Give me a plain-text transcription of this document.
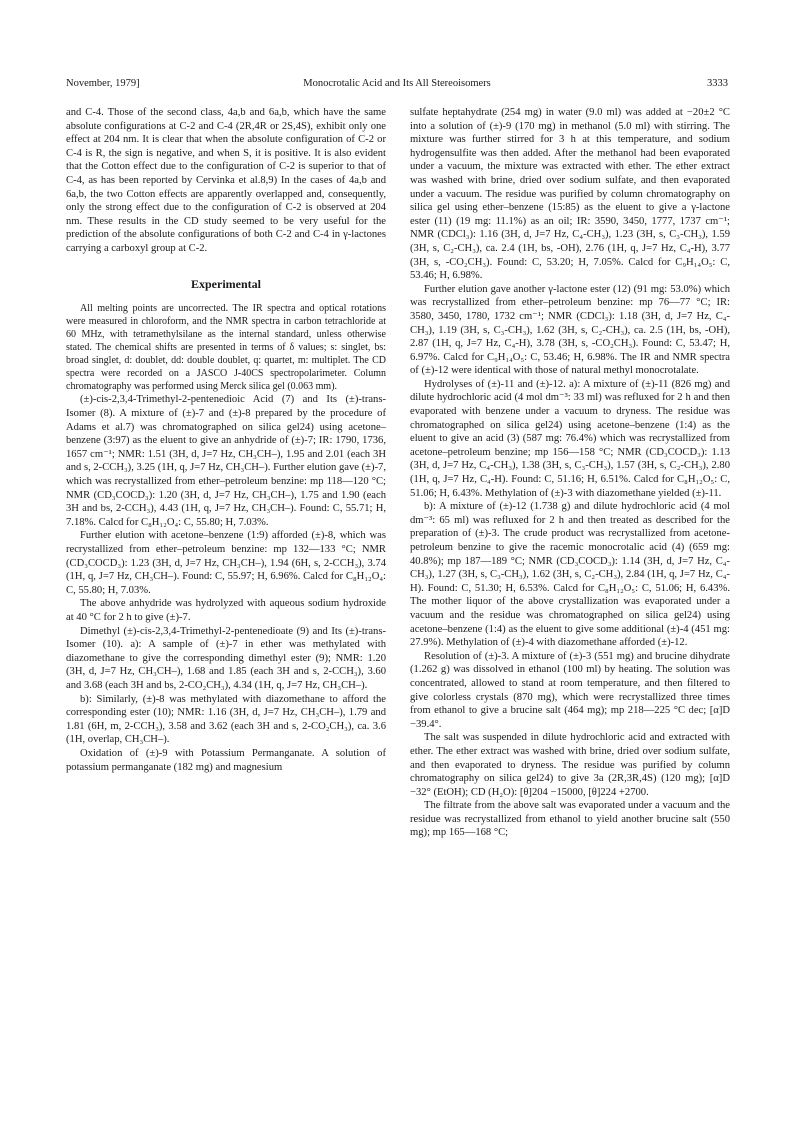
November, 1979]	Monocrotalic Acid and Its All Stereoisomers	3333

and C-4. Those of the second class, 4a,b and 6a,b, which have the same absolute configurations at C-2 and C-4 (2R,4R or 2S,4S), exhibit only one effect at 204 nm. It is clear that when the absolute configuration of C-2 or C-4 is R, the sign is negative, and when S, it is positive. It is also evident that the Cotton effect due to the configuration of C-2 is superior to that of C-4, as has been reported by Cervinka et al.8,9) In the cases of 4a,b and 6a,b, the two Cotton effects are apparently overlapped and, consequently, only the strong effect due to the configuration of C-2 is observed at 204 nm. These results in the CD study seemed to be very useful for the prediction of the absolute configurations of both C-2 and C-4 in γ-lactones carrying a carboxyl group at C-2.

Experimental

All melting points are uncorrected. The IR spectra and optical rotations were measured in chloroform, and the NMR spectra in carbon tetrachloride at 60 MHz, with tetramethylsilane as the internal standard, unless otherwise stated. The chemical shifts are presented in terms of δ values; s: singlet, bs: broad singlet, d: doublet, dd: double doublet, q: quartet, m: multiplet. The CD spectra were recorded on a JASCO J-40CS spectropolarimeter. Column chromatography was performed using Merck silica gel (0.063 mm).

(±)-cis-2,3,4-Trimethyl-2-pentenedioic Acid (7) and Its (±)-trans-Isomer (8). A mixture of (±)-7 and (±)-8 prepared by the procedure of Adams et al.7) was chromatographed on silica gel24) using acetone–benzene (3:97) as the eluent to give an anhydride of (±)-7; IR: 1790, 1736, 1657 cm⁻¹; NMR: 1.51 (3H, d, J=7 Hz, CH₃CH–), 1.95 and 2.01 (each 3H and s, 2-CCH₃), 3.25 (1H, q, J=7 Hz, CH₃CH–). Further elution gave (±)-7, which was recrystallized from ether–petroleum benzine: mp 118—120 °C; NMR (CD₃COCD₃): 1.20 (3H, d, J=7 Hz, CH₃CH–), 1.75 and 1.90 (each 3H and bs, 2-CCH₃), 4.43 (1H, q, J=7 Hz, CH₃CH–). Found: C, 55.71; H, 7.18%. Calcd for C₈H₁₂O₄: C, 55.80; H, 7.03%.

Further elution with acetone–benzene (1:9) afforded (±)-8, which was recrystallized from ether–petroleum benzine: mp 132—133 °C; NMR (CD₃COCD₃): 1.23 (3H, d, J=7 Hz, CH₃CH–), 1.94 (6H, s, 2-CCH₃), 3.74 (1H, q, J=7 Hz, CH₃CH–). Found: C, 55.97; H, 6.96%. Calcd for C₈H₁₂O₄: C, 55.80; H, 7.03%.

The above anhydride was hydrolyzed with aqueous sodium hydroxide at 40 °C for 2 h to give (±)-7.

Dimethyl (±)-cis-2,3,4-Trimethyl-2-pentenedioate (9) and Its (±)-trans-Isomer (10). a): A sample of (±)-7 in ether was methylated with diazomethane to give the corresponding dimethyl ester (9); NMR: 1.20 (3H, d, J=7 Hz, CH₃CH–), 1.68 and 1.85 (each 3H and s, 2-CCH₃), 3.60 and 3.68 (each 3H and bs, 2-CO₂CH₃), 4.34 (1H, q, J=7 Hz, CH₃CH–).

b): Similarly, (±)-8 was methylated with diazomethane to afford the corresponding ester (10); NMR: 1.16 (3H, d, J=7 Hz, CH₃CH–), 1.79 and 1.81 (6H, m, 2-CCH₃), 3.58 and 3.62 (each 3H and s, 2-CO₂CH₃), ca. 3.6 (1H, overlap, CH₃CH–).

Oxidation of (±)-9 with Potassium Permanganate. A solution of potassium permanganate (182 mg) and magnesium

sulfate heptahydrate (254 mg) in water (9.0 ml) was added at −20±2 °C into a solution of (±)-9 (170 mg) in methanol (5.0 ml) with stirring. The mixture was further stirred for 3 h at this temperature, and sodium hydrogensulfite was then added. After the methanol had been evaporated under a vacuum, the mixture was extracted with ether. The ether extract was washed with brine, dried over sodium sulfate, and then evaporated under a vacuum. The residue was purified by column chromatography on silica gel using ether–benzene (15:85) as the eluent to give a γ-lactone ester (11) (19 mg: 11.1%) as an oil; IR: 3590, 3450, 1777, 1737 cm⁻¹; NMR (CDCl₃): 1.16 (3H, d, J=7 Hz, C₄-CH₃), 1.23 (3H, s, C₃-CH₃), 1.59 (3H, s, C₂-CH₃), ca. 2.4 (1H, bs, -OH), 2.76 (1H, q, J=7 Hz, C₄-H), 3.77 (3H, s, -CO₂CH₃). Found: C, 53.20; H, 7.05%. Calcd for C₉H₁₄O₅: C, 53.46; H, 6.98%.

Further elution gave another γ-lactone ester (12) (91 mg: 53.0%) which was recrystallized from ether–petroleum benzine: mp 76—77 °C; IR: 3580, 3450, 1780, 1732 cm⁻¹; NMR (CDCl₃): 1.18 (3H, d, J=7 Hz, C₄-CH₃), 1.19 (3H, s, C₃-CH₃), 1.62 (3H, s, C₂-CH₃), ca. 2.5 (1H, bs, -OH), 2.87 (1H, q, J=7 Hz, C₄-H), 3.78 (3H, s, -CO₂CH₃). Found: C, 53.47; H, 6.97%. Calcd for C₉H₁₄O₅: C, 53.46; H, 6.98%. The IR and NMR spectra of (±)-12 were identical with those of natural methyl monocrotalate.

Hydrolyses of (±)-11 and (±)-12. a): A mixture of (±)-11 (826 mg) and dilute hydrochloric acid (4 mol dm⁻³: 33 ml) was refluxed for 2 h and then evaporated with benzene under a vacuum to dryness. The residue was chromatographed on silica gel24) using acetone–benzene (1:4) as the eluent to give an acid (3) (587 mg: 76.4%) which was recrystallized from acetone–petroleum benzine; mp 156—158 °C; NMR (CD₃COCD₃): 1.13 (3H, d, J=7 Hz, C₄-CH₃), 1.38 (3H, s, C₃-CH₃), 1.57 (3H, s, C₂-CH₃), 2.80 (1H, q, J=7 Hz, C₄-H). Found: C, 51.16; H, 6.51%. Calcd for C₈H₁₂O₅: C, 51.06; H, 6.43%. Methylation of (±)-3 with diazomethane yielded (±)-11.

b): A mixture of (±)-12 (1.738 g) and dilute hydrochloric acid (4 mol dm⁻³: 65 ml) was refluxed for 2 h and then treated as described for the preparation of (±)-3. The crude product was recrystallized from acetone-petroleum benzine to give the racemic monocrotalic acid (4) (659 mg: 40.8%); mp 187—189 °C; NMR (CD₃COCD₃): 1.14 (3H, d, J=7 Hz, C₄-CH₃), 1.27 (3H, s, C₃-CH₃), 1.62 (3H, s, C₂-CH₃), 2.84 (1H, q, J=7 Hz, C₄-H). Found: C, 51.30; H, 6.53%. Calcd for C₈H₁₂O₅: C, 51.06; H, 6.43%. The mother liquor of the above crystallization was evaporated under a vacuum and the residue was chromatographed on silica gel24) using acetone–benzene (1:4) as the eluent to give some additional (±)-4 (451 mg: 27.9%). Methylation of (±)-4 with diazomethane afforded (±)-12.

Resolution of (±)-3. A mixture of (±)-3 (551 mg) and brucine dihydrate (1.262 g) was dissolved in ethanol (100 ml) by heating. The solution was concentrated, allowed to stand at room temperature, and then filtered to give colorless crystals (870 mg), which were recrystallized three times from ethanol to give a brucine salt (464 mg); mp 218—225 °C dec; [α]D −39.4°.

The salt was suspended in dilute hydrochloric acid and extracted with ether. The ether extract was washed with brine, dried over sodium sulfate, and then evaporated to dryness. The residue was purified by column chromatography on silica gel24) to give 3a (2R,3R,4S) (120 mg); [α]D −32° (EtOH); CD (H₂O): [θ]204 −15000, [θ]224 +2700.

The filtrate from the above salt was evaporated under a vacuum and the residue was recrystallized from ethanol to yield another brucine salt (550 mg); mp 165—168 °C;
